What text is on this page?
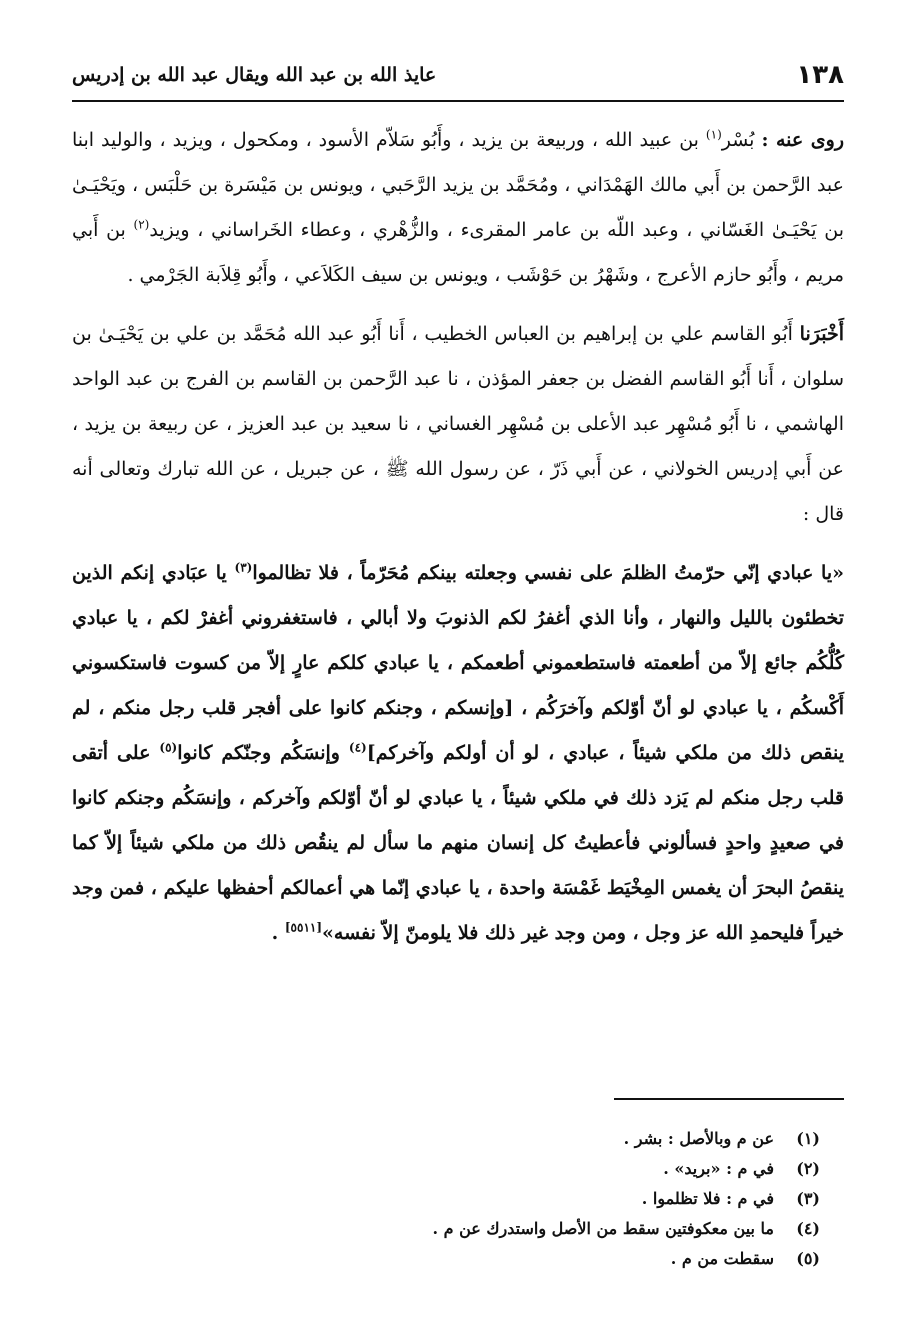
١٣٨
عايذ الله بن عبد الله ويقال عبد الله بن إدريس

روى عنه : بُسْر$^{(١)}$ بن عبيد الله ، وربيعة بن يزيد ، وأَبُو سَلاّم الأسود ، ومكحول ، ويزيد ، والوليد ابنا عبد الرَّحمن بن أَبي مالك الهَمْدَاني ، ومُحَمَّد بن يزيد الرَّحَبي ، ويونس بن مَيْسَرة بن حَلْبَس ، ويَحْيَـىٰ بن يَحْيَـىٰ الغَسّاني ، وعبد اللّه بن عامر المقرىء ، والزُّهْري ، وعطاء الخَراساني ، ويزيد$^{(٢)}$ بن أَبي مريم ، وأَبُو حازم الأعرج ، وشَهْرُ بن حَوْشَب ، ويونس بن سيف الكَلاَعي ، وأَبُو قِلاَبة الجَرْمي .

أَخْبَرَنا أَبُو القاسم علي بن إبراهيم بن العباس الخطيب ، أَنا أَبُو عبد الله مُحَمَّد بن علي بن يَحْيَـىٰ بن سلوان ، أَنا أَبُو القاسم الفضل بن جعفر المؤذن ، نا عبد الرَّحمن بن القاسم بن الفرج بن عبد الواحد الهاشمي ، نا أَبُو مُسْهِر عبد الأعلى بن مُسْهِر الغساني ، نا سعيد بن عبد العزيز ، عن ربيعة بن يزيد ، عن أَبي إدريس الخولاني ، عن أَبي ذَرّ ، عن رسول الله ﷺ ، عن جبريل ، عن الله تبارك وتعالى أنه قال :

«يا عبادي إنّي حرّمتُ الظلمَ على نفسي وجعلته بينكم مُحَرّماً ، فلا تظالموا$^{(٣)}$ يا عبَادي إنكم الذين تخطئون بالليل والنهار ، وأنا الذي أغفرُ لكم الذنوبَ ولا أبالي ، فاستغفروني أغفرْ لكم ، يا عبادي كُلُّكُم جائع إلاّ من أطعمته فاستطعموني أطعمكم ، يا عبادي كلكم عارٍ إلاّ من كسوت فاستكسوني أَكْسكُم ، يا عبادي لو أنّ أوّلكم وآخرَكُم ، [وإنسكم ، وجنكم كانوا على أفجر قلب رجل منكم ، لم ينقص ذلك من ملكي شيئاً ، عبادي ، لو أن أولكم وآخركم]$^{(٤)}$ وإنسَكُم وجنّكم كانوا$^{(٥)}$ على أتقى قلب رجل منكم لم يَزد ذلك في ملكي شيئاً ، يا عبادي لو أنّ أوّلكم وآخركم ، وإنسَكُم وجنكم كانوا في صعيدٍ واحدٍ فسألوني فأعطيتُ كل إنسان منهم ما سأل لم ينقُص ذلك من ملكي شيئاً إلاّ كما ينقصُ البحرَ أن يغمس المِخْيَط غَمْسَة واحدة ، يا عبادي إنّما هي أعمالكم أحفظها عليكم ، فمن وجد خيراً فليحمدِ الله عز وجل ، ومن وجد غير ذلك فلا يلومنّ إلاّ نفسه»[٥٥١١] .

(١)
عن م وبالأصل : بشر .
(٢)
في م : «بريد» .
(٣)
في م : فلا تظلموا .
(٤)
ما بين معكوفتين سقط من الأصل واستدرك عن م .
(٥)
سقطت من م .
